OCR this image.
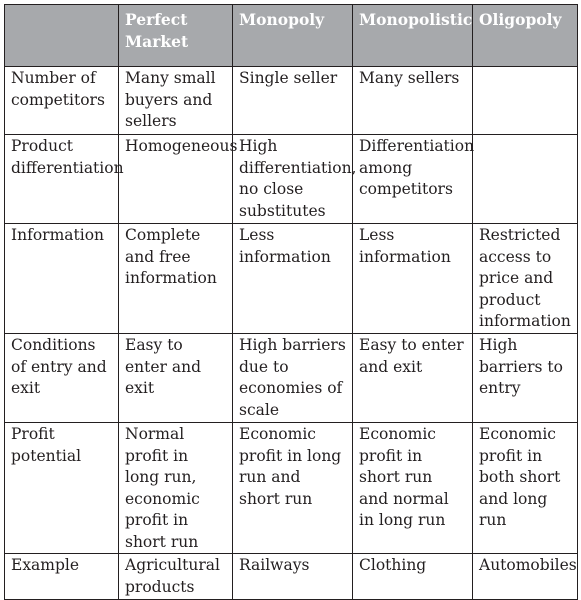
	Perfect Market	Monopoly	Monopolistic	Oligopoly
Number of competitors	Many small buyers and sellers	Single seller	Many sellers	
Product differentiation	Homogeneous	High differentiation, no close substitutes	Differentiation among competitors	
Information	Complete and free information	Less information	Less information	Restricted access to price and product information
Conditions of entry and exit	Easy to enter and exit	High barriers due to economies of scale	Easy to enter and exit	High barriers to entry
Profit potential	Normal profit in long run, economic profit in short run	Economic profit in long run and short run	Economic profit in short run and normal in long run	Economic profit in both short and long run
Example	Agricultural products	Railways	Clothing	Automobiles
